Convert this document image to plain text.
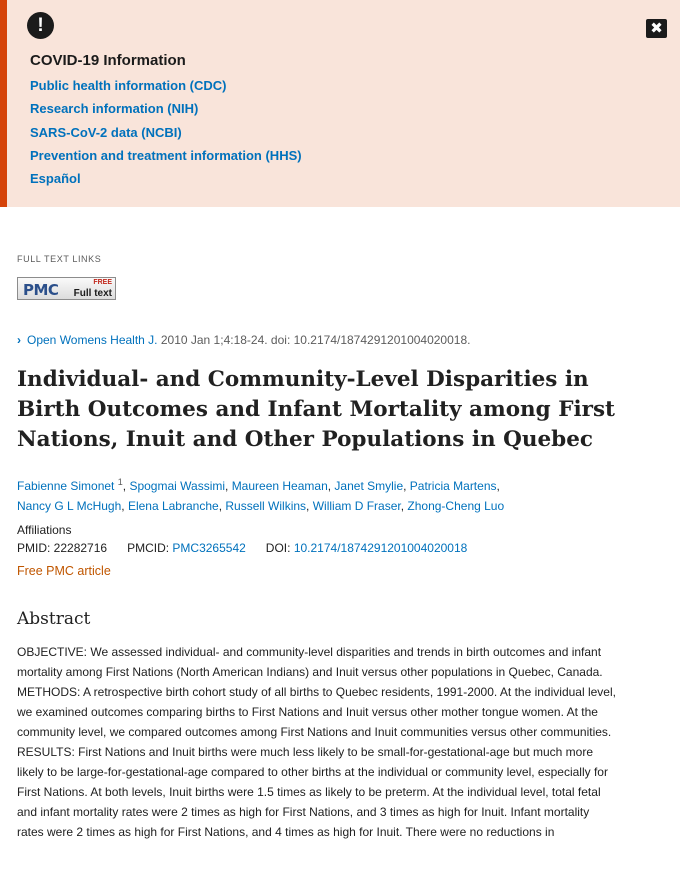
!	✖
COVID-19 Information
Public health information (CDC)
Research information (NIH)
SARS-CoV-2 data (NCBI)
Prevention and treatment information (HHS)
Español
FULL TEXT LINKS
PMC	FREE
Full text
› Open Womens Health J. 2010 Jan 1;4:18-24. doi: 10.2174/1874291201004020018.
Individual- and Community-Level Disparities in Birth Outcomes and Infant Mortality among First Nations, Inuit and Other Populations in Quebec
Fabienne Simonet $^1$, Spogmai Wassimi, Maureen Heaman, Janet Smylie, Patricia Martens,
Nancy G L McHugh, Elena Labranche, Russell Wilkins, William D Fraser, Zhong-Cheng Luo
Affiliations
PMID: 22282716 PMCID: PMC3265542 DOI: 10.2174/1874291201004020018
Free PMC article
Abstract

OBJECTIVE: We assessed individual- and community-level disparities and trends in birth outcomes and infant mortality among First Nations (North American Indians) and Inuit versus other populations in Quebec, Canada. METHODS: A retrospective birth cohort study of all births to Quebec residents, 1991-2000. At the individual level, we examined outcomes comparing births to First Nations and Inuit versus other mother tongue women. At the community level, we compared outcomes among First Nations and Inuit communities versus other communities. RESULTS: First Nations and Inuit births were much less likely to be small-for-gestational-age but much more likely to be large-for-gestational-age compared to other births at the individual or community level, especially for First Nations. At both levels, Inuit births were 1.5 times as likely to be preterm. At the individual level, total fetal and infant mortality rates were 2 times as high for First Nations, and 3 times as high for Inuit. Infant mortality rates were 2 times as high for First Nations, and 4 times as high for Inuit. There were no reductions in
